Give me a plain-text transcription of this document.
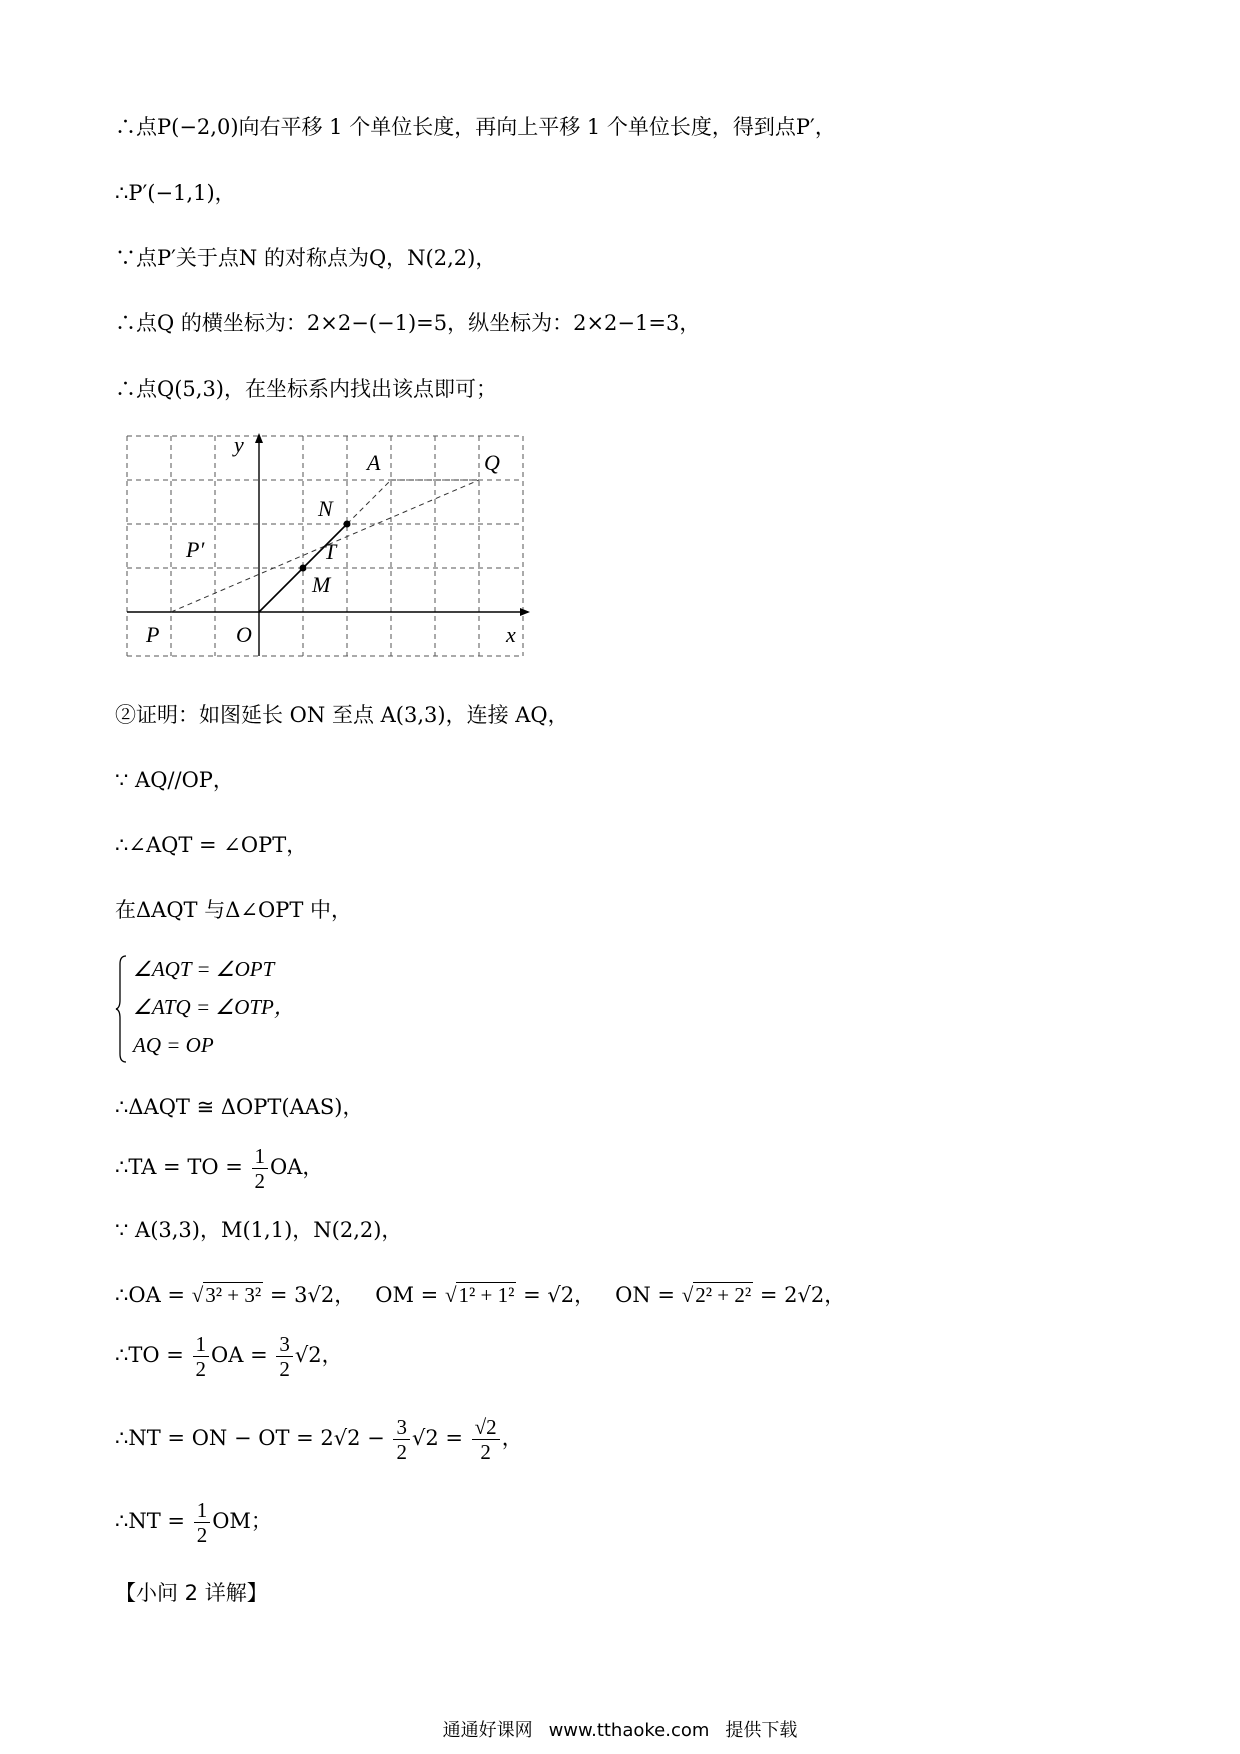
∴点P(−2,0)向右平移 1 个单位长度，再向上平移 1 个单位长度，得到点P′，
∴P′(−1,1)，
∵点P′关于点N 的对称点为Q，N(2,2)，
∴点Q 的横坐标为：2×2−(−1)=5，纵坐标为：2×2−1=3，
∴点Q(5,3)，在坐标系内找出该点即可；
y
x
O
P
P′
A	Q
N
T
M
②证明：如图延长 ON 至点 A(3,3)，连接 AQ，
∵ AQ//OP，
∴∠AQT = ∠OPT，
在ΔAQT 与Δ∠OPT 中，
∠AQT = ∠OPT
∠ATQ = ∠OTP，
AQ = OP
∴ΔAQT ≅ ΔOPT(AAS)，
∴TA = TO = $\frac{1}{2}$ OA，
∵ A(3,3)，M(1,1)，N(2,2)，
∴OA = √3² + 3² = 3√2， OM = √1² + 1² = √2， ON = √2² + 2² = 2√2，
∴TO = $\frac{1}{2}$ OA = $\frac{3}{2} √2$，
∴NT = ON − OT = $2√2 - \frac{3}{2} √2 = \frac{√2}{2}$ ，
∴NT = $\frac{1}{2}$ OM；
【小问 2 详解】
通通好课网 www.tthaoke.com 提供下载
